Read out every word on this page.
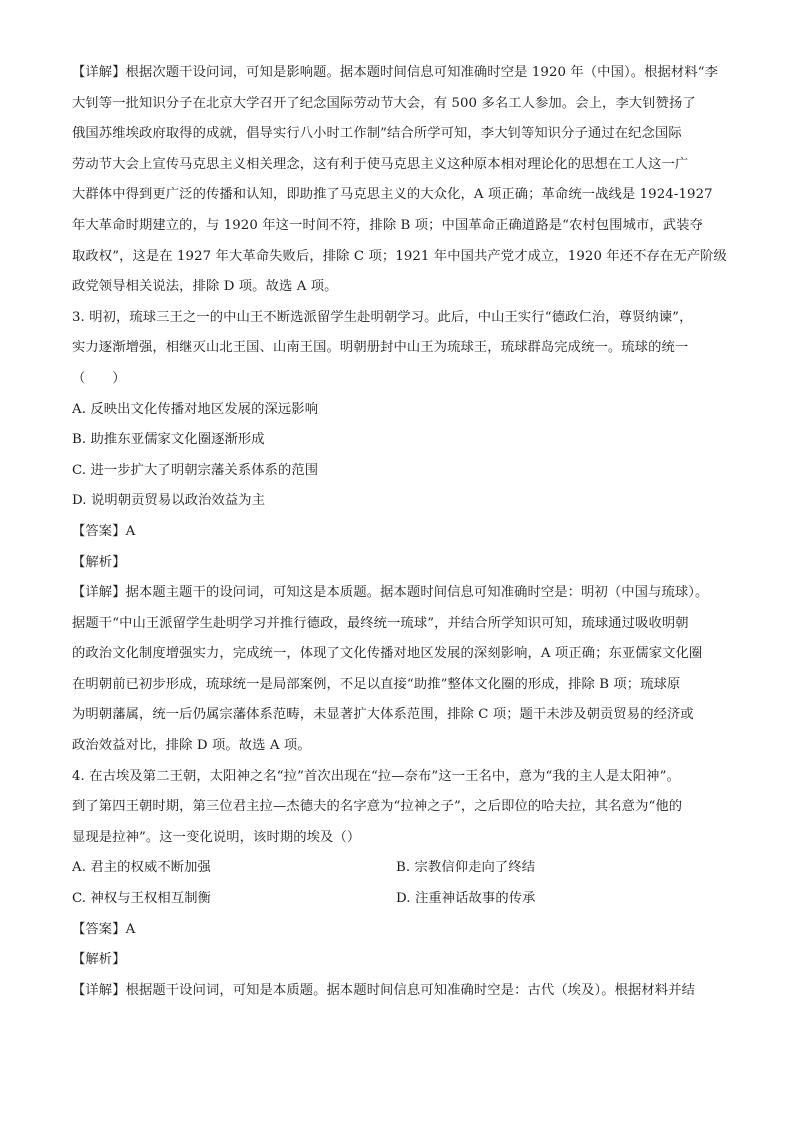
【详解】根据次题干设问词，可知是影响题。据本题时间信息可知准确时空是 1920 年（中国）。根据材料“李
大钊等一批知识分子在北京大学召开了纪念国际劳动节大会，有 500 多名工人参加。会上，李大钊赞扬了
俄国苏维埃政府取得的成就，倡导实行八小时工作制”结合所学可知，李大钊等知识分子通过在纪念国际
劳动节大会上宣传马克思主义相关理念，这有利于使马克思主义这种原本相对理论化的思想在工人这一广
大群体中得到更广泛的传播和认知，即助推了马克思主义的大众化，A 项正确；革命统一战线是 1924-1927
年大革命时期建立的，与 1920 年这一时间不符，排除 B 项；中国革命正确道路是“农村包围城市，武装夺
取政权”，这是在 1927 年大革命失败后，排除 C 项；1921 年中国共产党才成立，1920 年还不存在无产阶级
政党领导相关说法，排除 D 项。故选 A 项。
3. 明初，琉球三王之一的中山王不断选派留学生赴明朝学习。此后，中山王实行“德政仁治，尊贤纳谏”，
实力逐渐增强，相继灭山北王国、山南王国。明朝册封中山王为琉球王，琉球群岛完成统一。琉球的统一
（　　）
A. 反映出文化传播对地区发展的深远影响
B. 助推东亚儒家文化圈逐渐形成
C. 进一步扩大了明朝宗藩关系体系的范围
D. 说明朝贡贸易以政治效益为主
【答案】A
【解析】
【详解】据本题主题干的设问词，可知这是本质题。据本题时间信息可知准确时空是：明初（中国与琉球）。
据题干“中山王派留学生赴明学习并推行德政，最终统一琉球”，并结合所学知识可知，琉球通过吸收明朝
的政治文化制度增强实力，完成统一，体现了文化传播对地区发展的深刻影响，A 项正确；东亚儒家文化圈
在明朝前已初步形成，琉球统一是局部案例，不足以直接“助推”整体文化圈的形成，排除 B 项；琉球原
为明朝藩属，统一后仍属宗藩体系范畴，未显著扩大体系范围，排除 C 项；题干未涉及朝贡贸易的经济或
政治效益对比，排除 D 项。故选 A 项。
4. 在古埃及第二王朝，太阳神之名“拉”首次出现在“拉—奈布”这一王名中，意为“我的主人是太阳神”。
到了第四王朝时期，第三位君主拉—杰德夫的名字意为“拉神之子”，之后即位的哈夫拉，其名意为“他的
显现是拉神”。这一变化说明，该时期的埃及（）
A. 君主的权威不断加强	B. 宗教信仰走向了终结
C. 神权与王权相互制衡	D. 注重神话故事的传承
【答案】A
【解析】
【详解】根据题干设问词，可知是本质题。据本题时间信息可知准确时空是：古代（埃及）。根据材料并结
